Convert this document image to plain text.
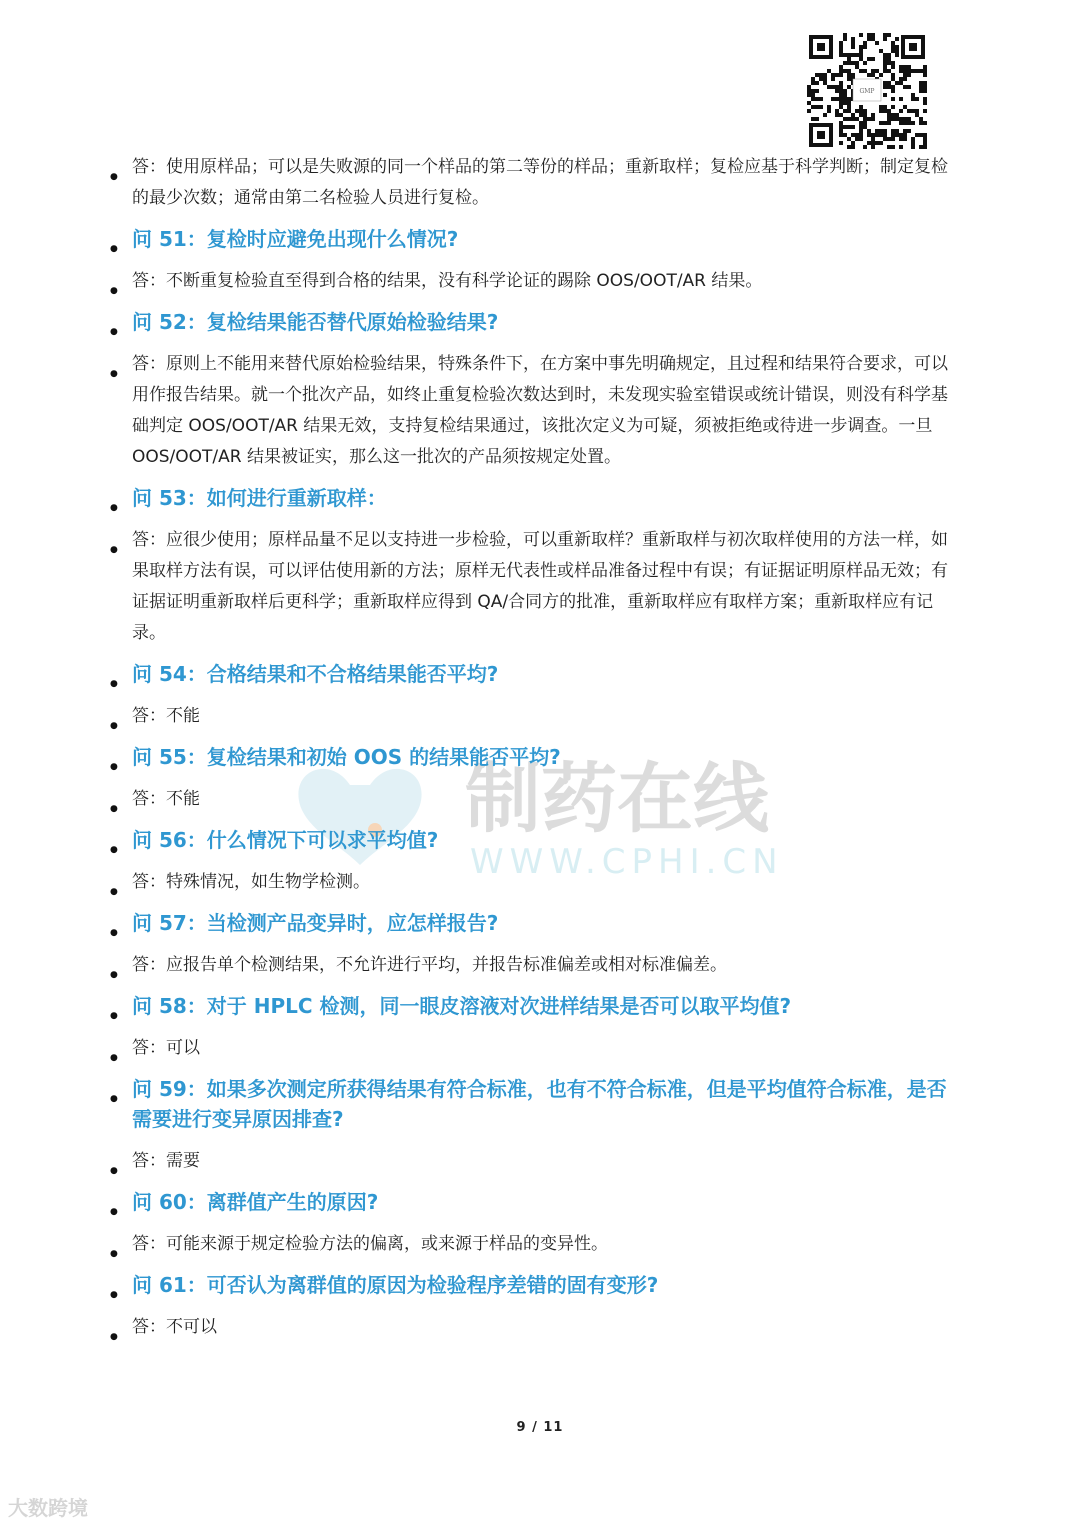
GMP
制药在线
WWW.CPHI.CN
● 答：使用原样品；可以是失败源的同一个样品的第二等份的样品；重新取样；复检应基于科学判断；制定复检的最少次数；通常由第二名检验人员进行复检。
● 问 51：复检时应避免出现什么情况?
● 答：不断重复检验直至得到合格的结果，没有科学论证的踢除 OOS/OOT/AR 结果。
● 问 52：复检结果能否替代原始检验结果?
● 答：原则上不能用来替代原始检验结果，特殊条件下，在方案中事先明确规定，且过程和结果符合要求，可以用作报告结果。就一个批次产品，如终止重复检验次数达到时，未发现实验室错误或统计错误，则没有科学基础判定 OOS/OOT/AR 结果无效，支持复检结果通过，该批次定义为可疑，须被拒绝或待进一步调查。一旦 OOS/OOT/AR 结果被证实，那么这一批次的产品须按规定处置。
● 问 53：如何进行重新取样：
● 答：应很少使用；原样品量不足以支持进一步检验，可以重新取样？重新取样与初次取样使用的方法一样，如果取样方法有误，可以评估使用新的方法；原样无代表性或样品准备过程中有误；有证据证明原样品无效；有证据证明重新取样后更科学；重新取样应得到 QA/合同方的批准，重新取样应有取样方案；重新取样应有记录。
● 问 54：合格结果和不合格结果能否平均?
● 答：不能
● 问 55：复检结果和初始 OOS 的结果能否平均?
● 答：不能
● 问 56：什么情况下可以求平均值?
● 答：特殊情况，如生物学检测。
● 问 57：当检测产品变异时，应怎样报告?
● 答：应报告单个检测结果，不允许进行平均，并报告标准偏差或相对标准偏差。
● 问 58：对于 HPLC 检测，同一眼皮溶液对次进样结果是否可以取平均值?
● 答：可以
● 问 59：如果多次测定所获得结果有符合标准，也有不符合标准，但是平均值符合标准，是否需要进行变异原因排查?
● 答：需要
● 问 60：离群值产生的原因?
● 答：可能来源于规定检验方法的偏离，或来源于样品的变异性。
● 问 61：可否认为离群值的原因为检验程序差错的固有变形?
● 答：不可以
9 / 11
大数跨境
